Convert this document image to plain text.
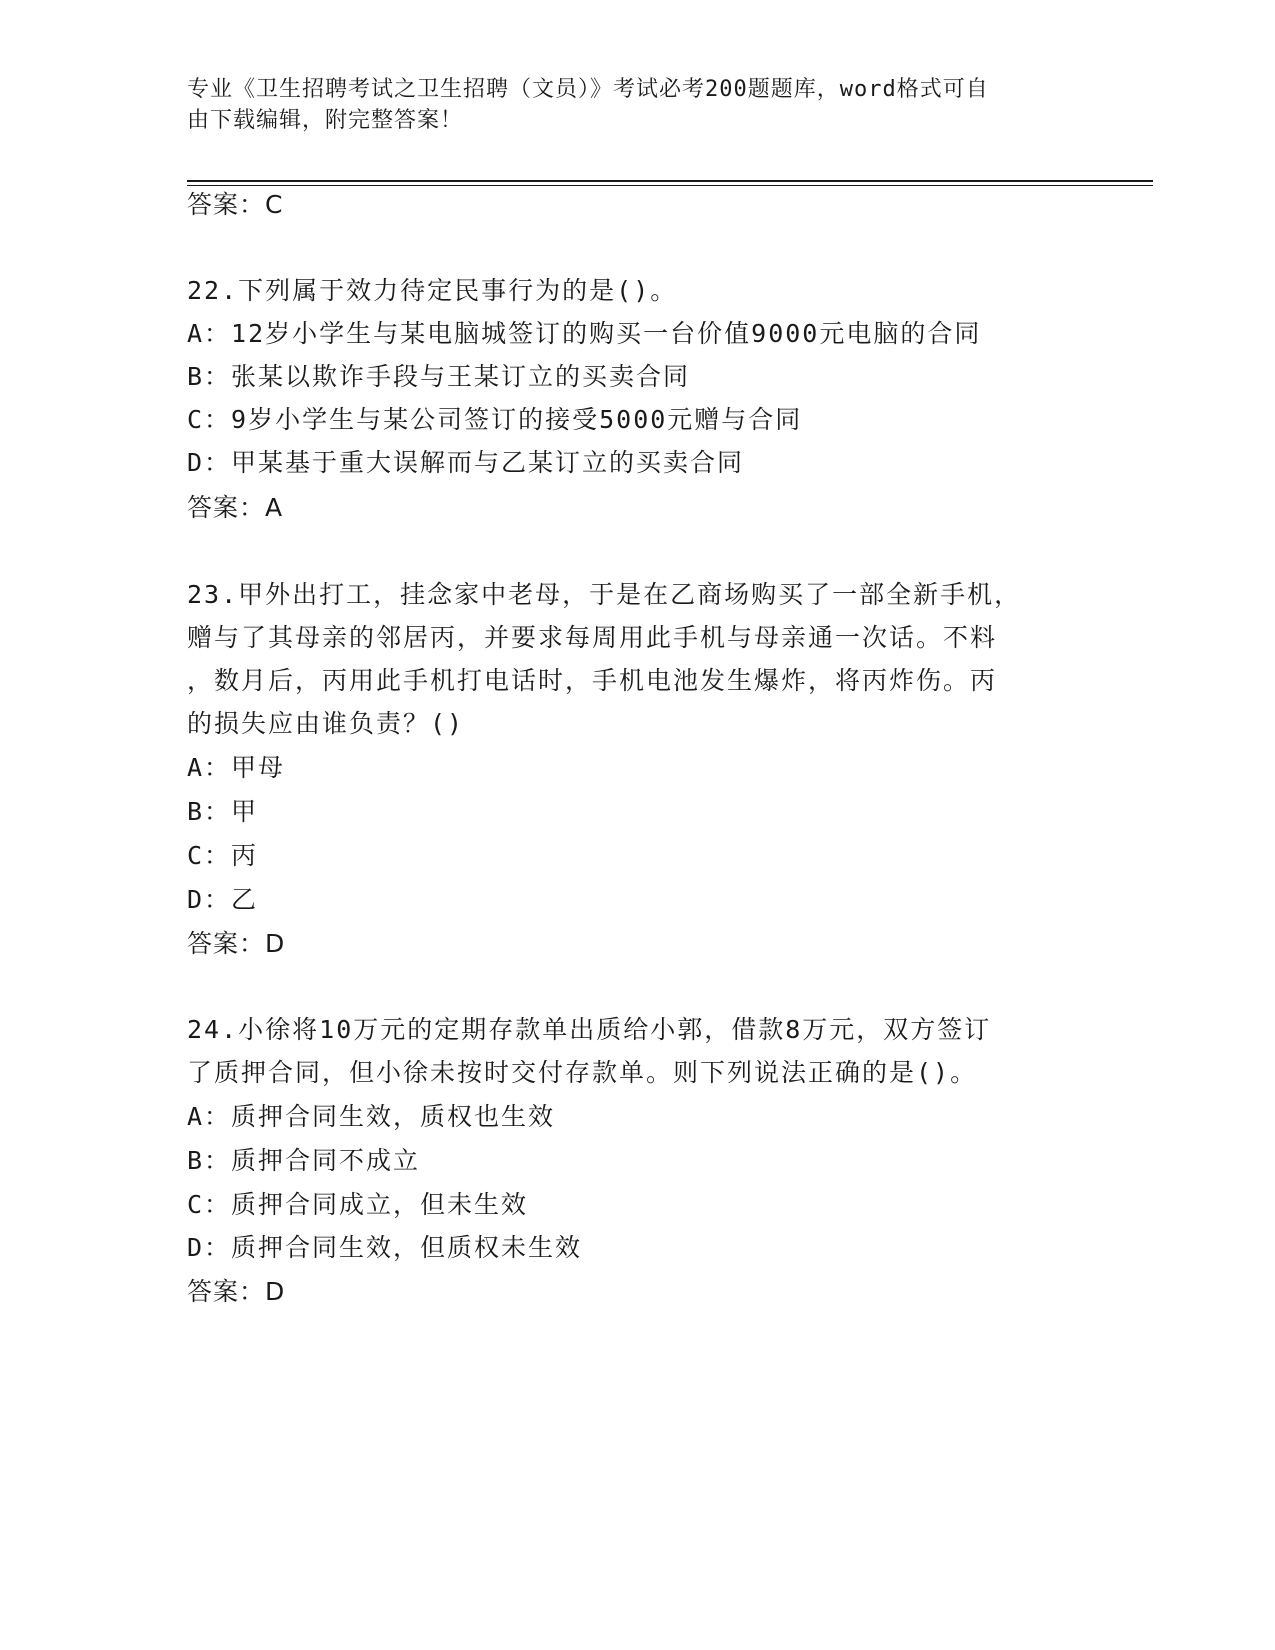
专业《卫生招聘考试之卫生招聘（文员）》考试必考200题题库，word格式可自
由下载编辑，附完整答案！
答案：C
22.下列属于效力待定民事行为的是()。
A：12岁小学生与某电脑城签订的购买一台价值9000元电脑的合同
B：张某以欺诈手段与王某订立的买卖合同
C：9岁小学生与某公司签订的接受5000元赠与合同
D：甲某基于重大误解而与乙某订立的买卖合同
答案：A
23.甲外出打工，挂念家中老母，于是在乙商场购买了一部全新手机，
赠与了其母亲的邻居丙，并要求每周用此手机与母亲通一次话。不料
，数月后，丙用此手机打电话时，手机电池发生爆炸，将丙炸伤。丙
的损失应由谁负责？()
A：甲母
B：甲
C：丙
D：乙
答案：D
24.小徐将10万元的定期存款单出质给小郭，借款8万元，双方签订
了质押合同，但小徐未按时交付存款单。则下列说法正确的是()。
A：质押合同生效，质权也生效
B：质押合同不成立
C：质押合同成立，但未生效
D：质押合同生效，但质权未生效
答案：D
